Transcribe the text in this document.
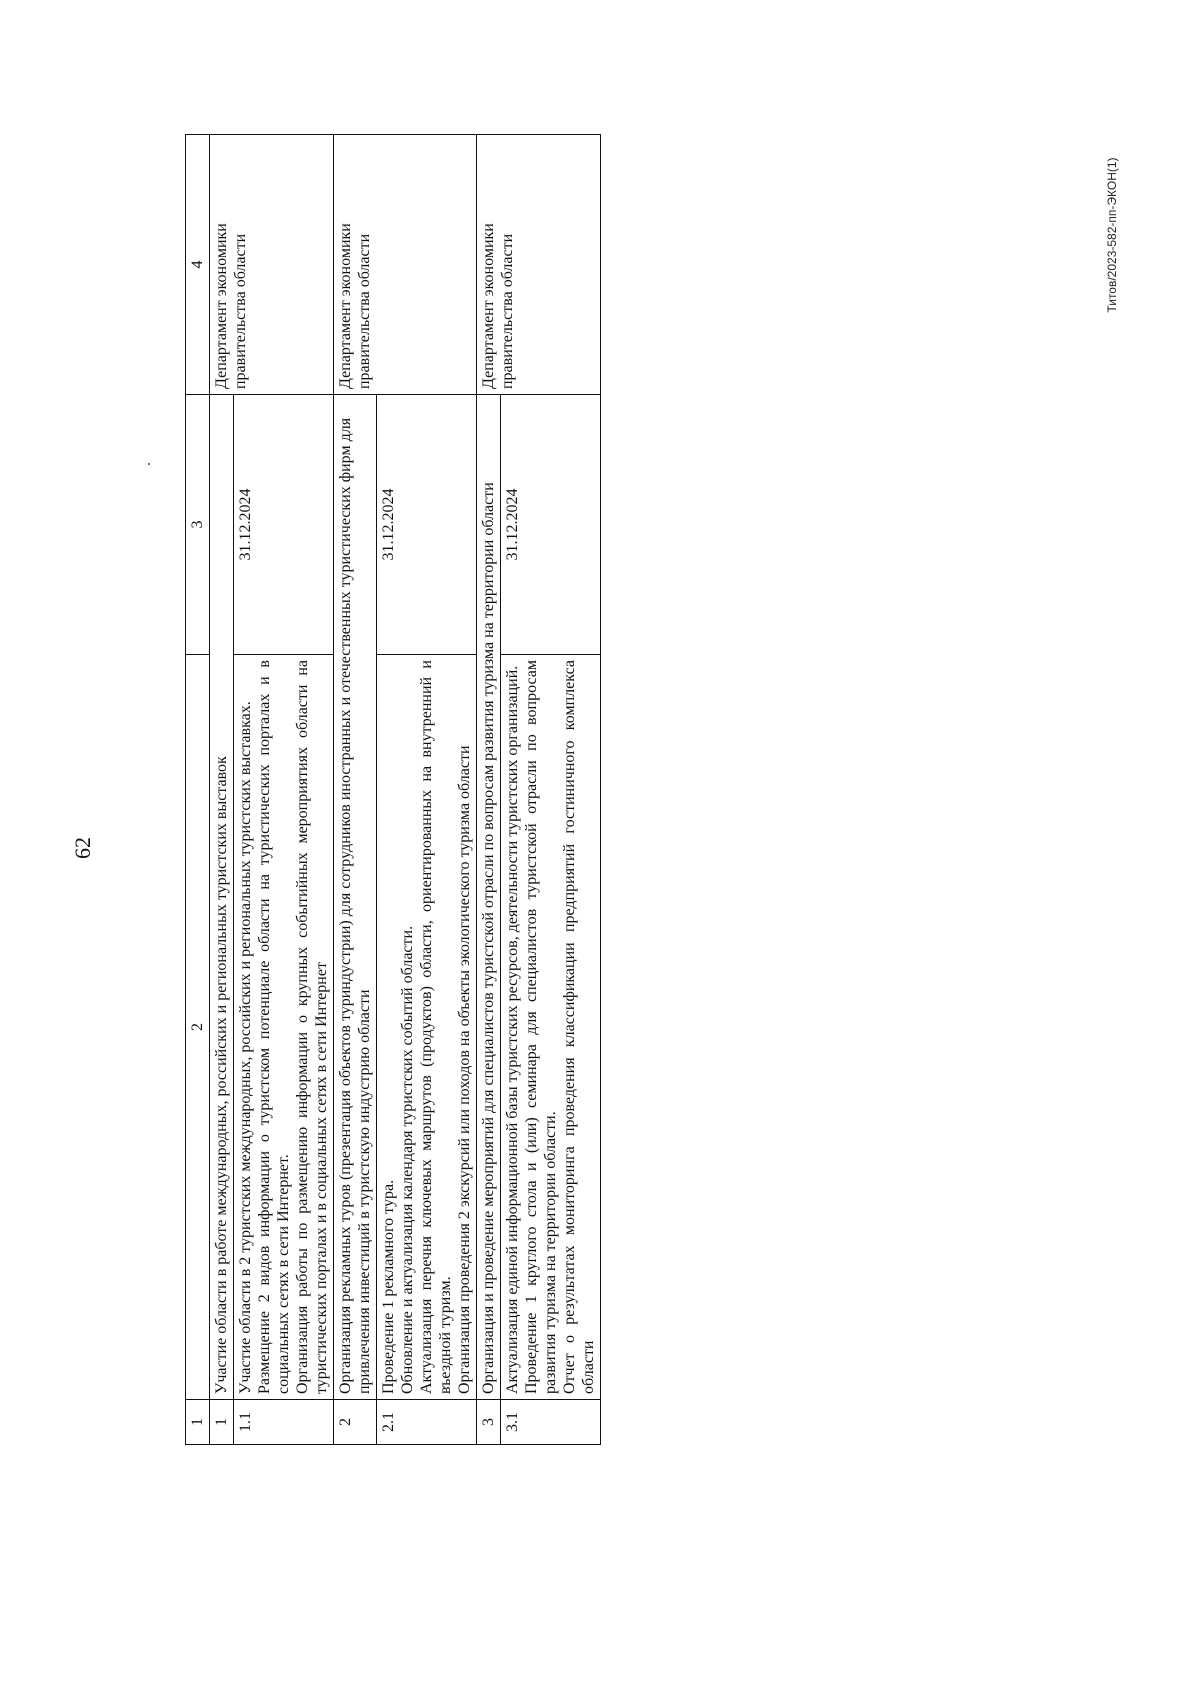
62
Титов/2023-582-пп-ЭКОН(1)
1	2	3	4
1	Участие области в работе международных, российских и региональных туристских выставок		Департамент экономики правительства области
1.1	Участие области в 2 туристских международных, российских и региональных туристских выставках. Размещение 2 видов информации о туристском потенциале области на туристических порталах и в социальных сетях в сети Интернет. Организация работы по размещению информации о крупных событийных мероприятиях области на туристических порталах и в социальных сетях в сети Интернет	31.12.2024	
2	Организация рекламных туров (презентация объектов туриндустрии) для сотрудников иностранных и отечественных туристических фирм для привлечения инвестиций в туристскую индустрию области		Департамент экономики правительства области
2.1	Проведение 1 рекламного тура. Обновление и актуализация календаря туристских событий области. Актуализация перечня ключевых маршрутов (продуктов) области, ориентированных на внутренний и въездной туризм. Организация проведения 2 экскурсий или походов на объекты экологического туризма области	31.12.2024	
3	Организация и проведение мероприятий для специалистов туристской отрасли по вопросам развития туризма на территории области		Департамент экономики правительства области
3.1	Актуализация единой информационной базы туристских ресурсов, деятельности туристских организаций. Проведение 1 круглого стола и (или) семинара для специалистов туристской отрасли по вопросам развития туризма на территории области. Отчет о результатах мониторинга проведения классификации предприятий гостиничного комплекса области	31.12.2024	
